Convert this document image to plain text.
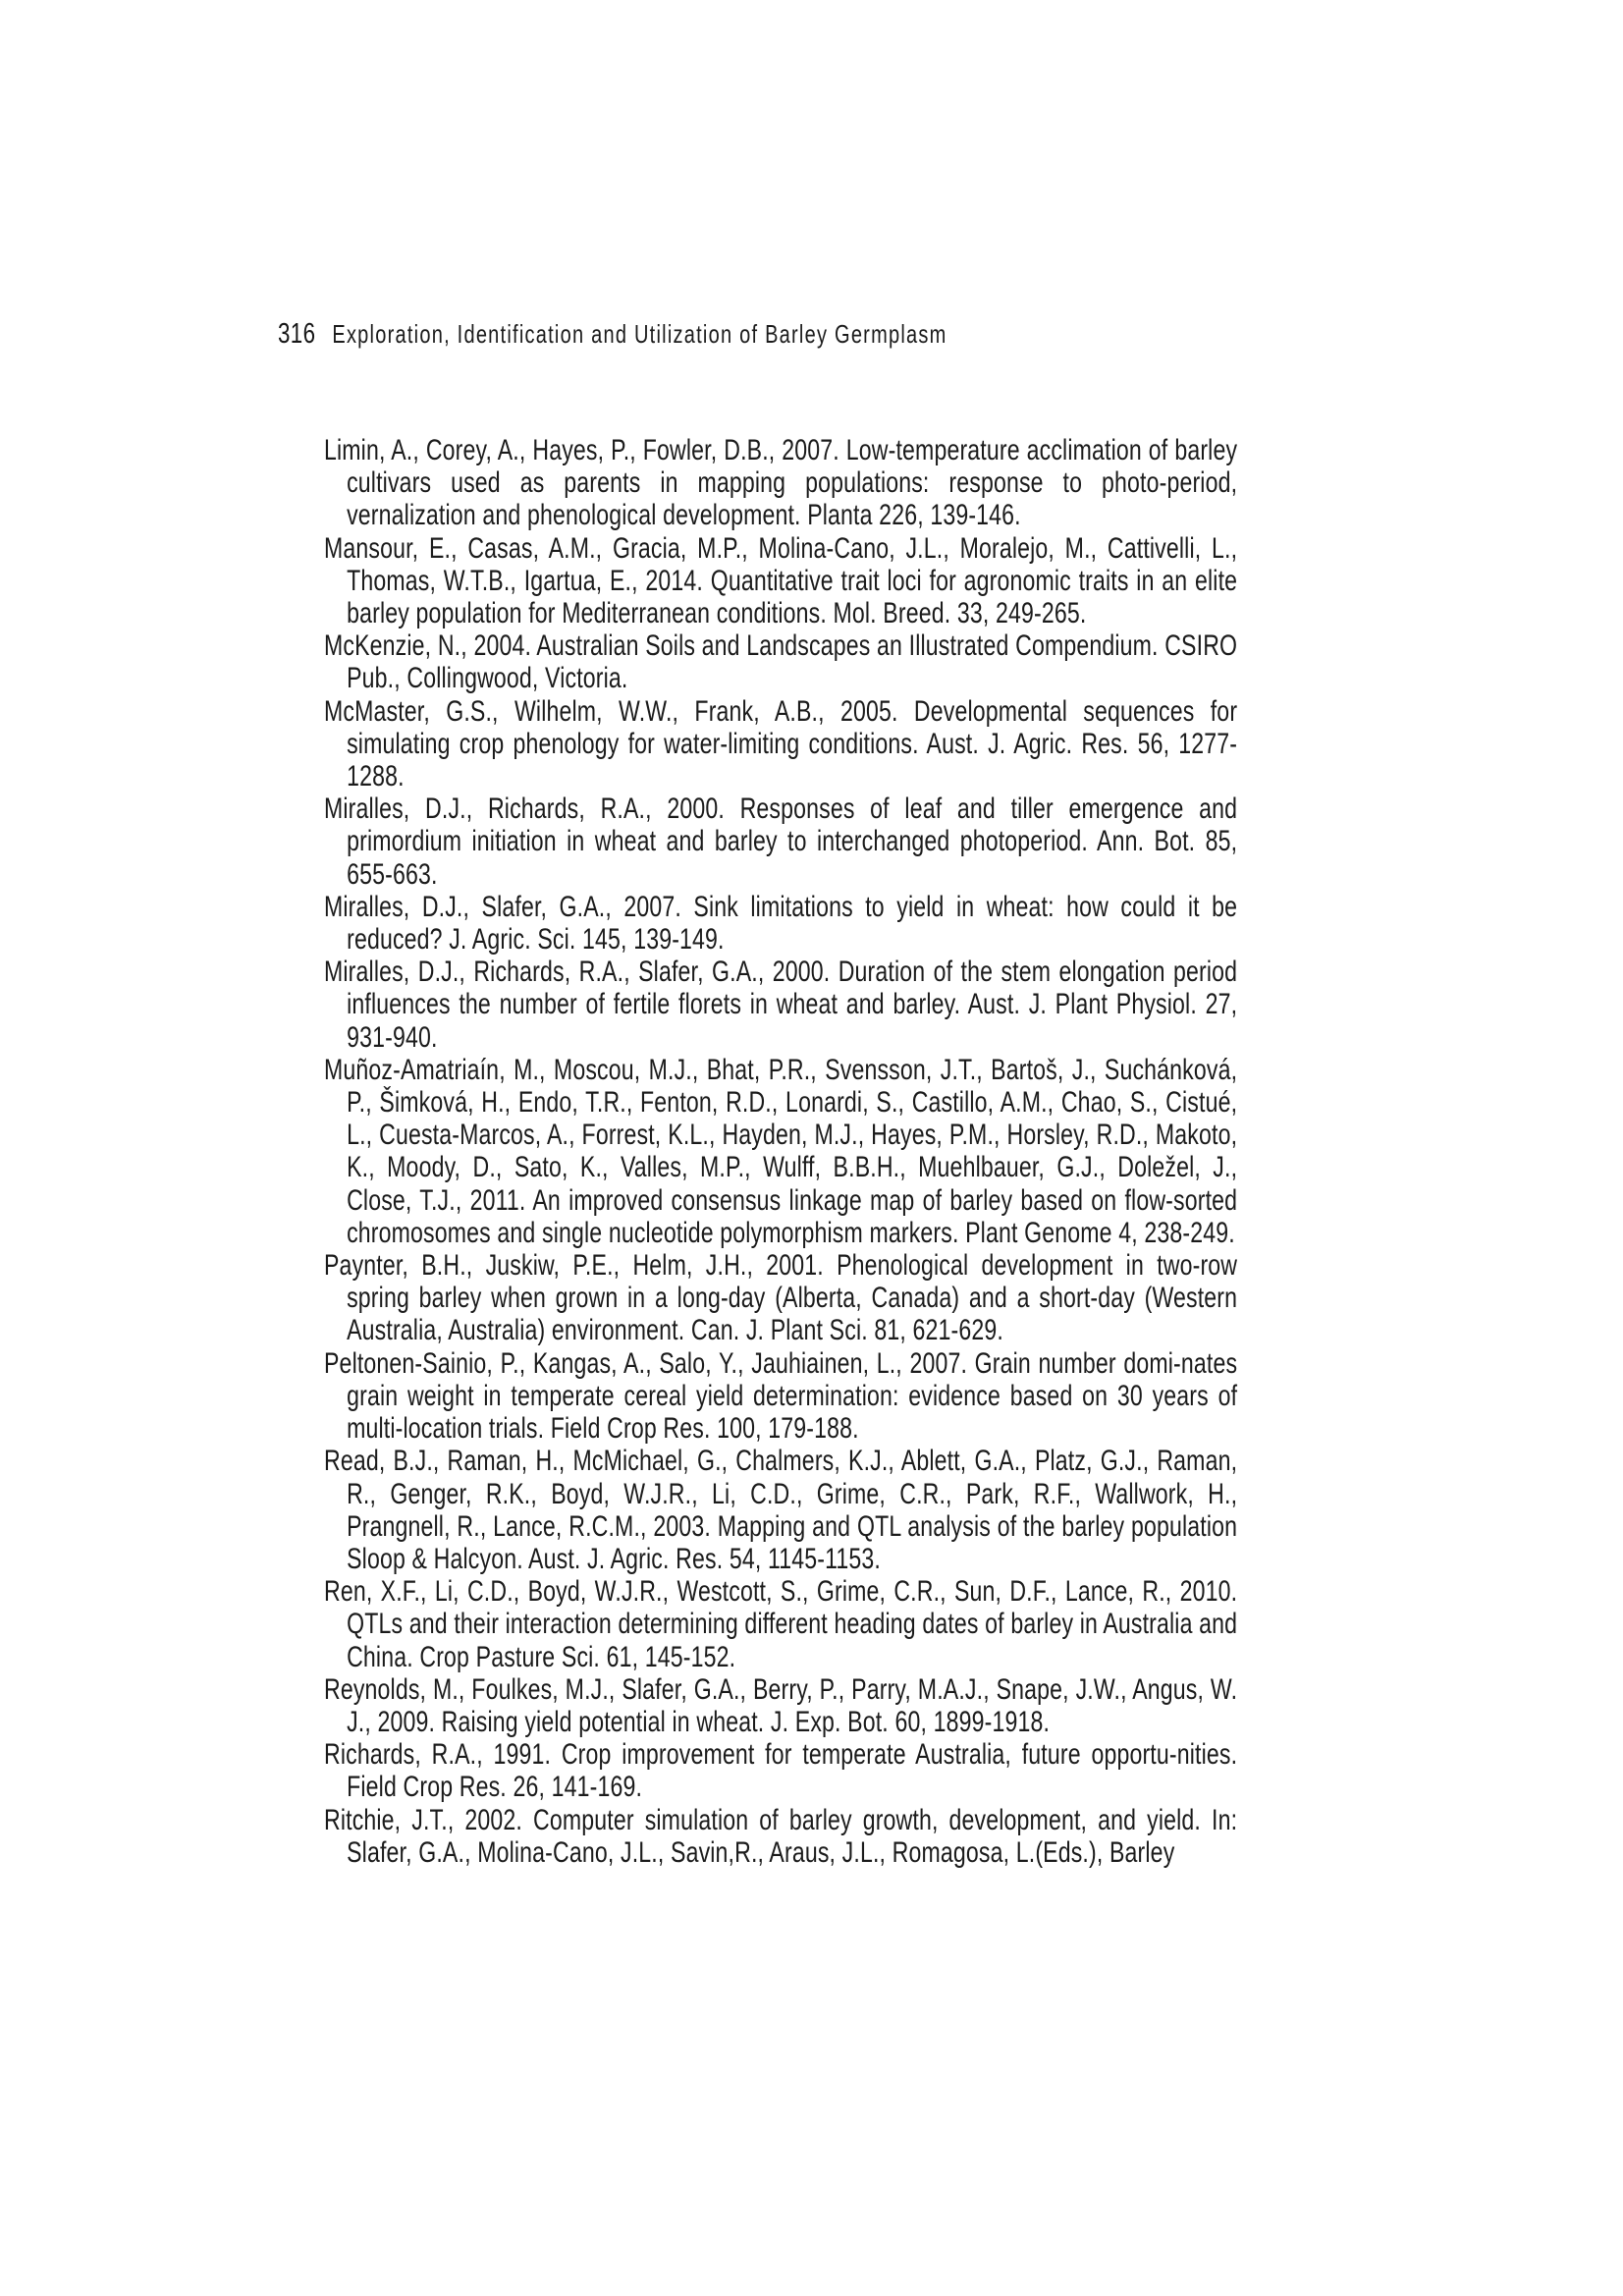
316 Exploration, Identification and Utilization of Barley Germplasm

Limin, A., Corey, A., Hayes, P., Fowler, D.B., 2007. Low-temperature acclimation of barley cultivars used as parents in mapping populations: response to photo-period, vernalization and phenological development. Planta 226, 139-146.

Mansour, E., Casas, A.M., Gracia, M.P., Molina-Cano, J.L., Moralejo, M., Cattivelli, L., Thomas, W.T.B., Igartua, E., 2014. Quantitative trait loci for agronomic traits in an elite barley population for Mediterranean conditions. Mol. Breed. 33, 249-265.

McKenzie, N., 2004. Australian Soils and Landscapes an Illustrated Compendium. CSIRO Pub., Collingwood, Victoria.

McMaster, G.S., Wilhelm, W.W., Frank, A.B., 2005. Developmental sequences for simulating crop phenology for water-limiting conditions. Aust. J. Agric. Res. 56, 1277-1288.

Miralles, D.J., Richards, R.A., 2000. Responses of leaf and tiller emergence and primordium initiation in wheat and barley to interchanged photoperiod. Ann. Bot. 85, 655-663.

Miralles, D.J., Slafer, G.A., 2007. Sink limitations to yield in wheat: how could it be reduced? J. Agric. Sci. 145, 139-149.

Miralles, D.J., Richards, R.A., Slafer, G.A., 2000. Duration of the stem elongation period influences the number of fertile florets in wheat and barley. Aust. J. Plant Physiol. 27, 931-940.

Muñoz-Amatriaín, M., Moscou, M.J., Bhat, P.R., Svensson, J.T., Bartoš, J., Suchánková, P., Šimková, H., Endo, T.R., Fenton, R.D., Lonardi, S., Castillo, A.M., Chao, S., Cistué, L., Cuesta-Marcos, A., Forrest, K.L., Hayden, M.J., Hayes, P.M., Horsley, R.D., Makoto, K., Moody, D., Sato, K., Valles, M.P., Wulff, B.B.H., Muehlbauer, G.J., Doležel, J., Close, T.J., 2011. An improved consensus linkage map of barley based on flow-sorted chromosomes and single nucleotide polymorphism markers. Plant Genome 4, 238-249.

Paynter, B.H., Juskiw, P.E., Helm, J.H., 2001. Phenological development in two-row spring barley when grown in a long-day (Alberta, Canada) and a short-day (Western Australia, Australia) environment. Can. J. Plant Sci. 81, 621-629.

Peltonen-Sainio, P., Kangas, A., Salo, Y., Jauhiainen, L., 2007. Grain number domi-nates grain weight in temperate cereal yield determination: evidence based on 30 years of multi-location trials. Field Crop Res. 100, 179-188.

Read, B.J., Raman, H., McMichael, G., Chalmers, K.J., Ablett, G.A., Platz, G.J., Raman, R., Genger, R.K., Boyd, W.J.R., Li, C.D., Grime, C.R., Park, R.F., Wallwork, H., Prangnell, R., Lance, R.C.M., 2003. Mapping and QTL analysis of the barley population Sloop & Halcyon. Aust. J. Agric. Res. 54, 1145-1153.

Ren, X.F., Li, C.D., Boyd, W.J.R., Westcott, S., Grime, C.R., Sun, D.F., Lance, R., 2010. QTLs and their interaction determining different heading dates of barley in Australia and China. Crop Pasture Sci. 61, 145-152.

Reynolds, M., Foulkes, M.J., Slafer, G.A., Berry, P., Parry, M.A.J., Snape, J.W., Angus, W. J., 2009. Raising yield potential in wheat. J. Exp. Bot. 60, 1899-1918.

Richards, R.A., 1991. Crop improvement for temperate Australia, future opportu-nities. Field Crop Res. 26, 141-169.

Ritchie, J.T., 2002. Computer simulation of barley growth, development, and yield. In: Slafer, G.A., Molina-Cano, J.L., Savin,R., Araus, J.L., Romagosa, L.(Eds.), Barley
